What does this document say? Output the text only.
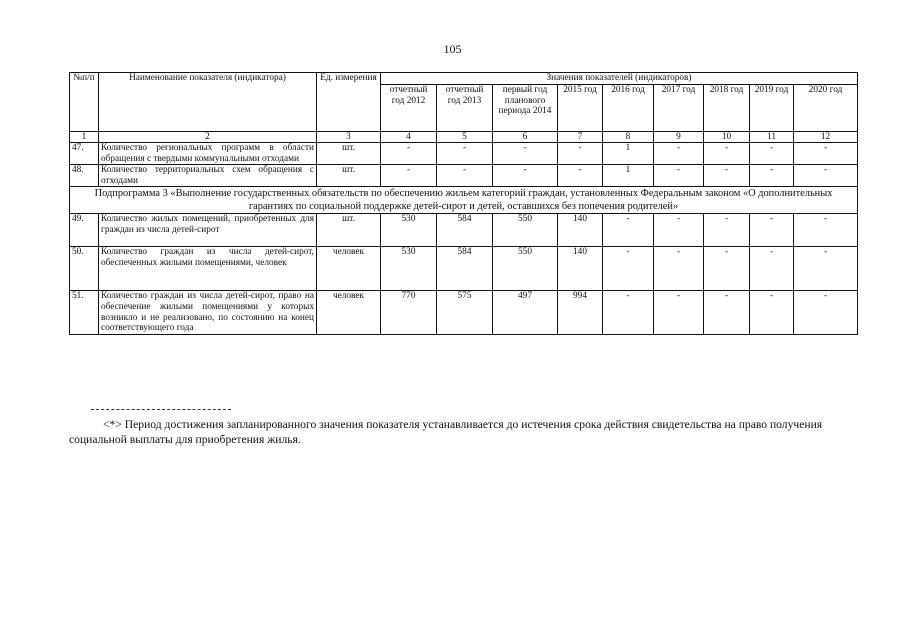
105
№п/п	Наименование показателя (индикатора)	Ед. измерения	Значения показателей (индикаторов)								
			отчетный год 2012	отчетный год 2013	первый год планового периода 2014	2015 год	2016 год	2017 год	2018 год	2019 год	2020 год
1	2	3	4	5	6	7	8	9	10	11	12
47.	Количество региональных программ в области обращения с твердыми коммунальными отходами	шт.	-	-	-	-	1	-	-	-	-
48.	Количество территориальных схем обращения с отходами	шт.	-	-	-	-	1	-	-	-	-
Подпрограмма 3 «Выполнение государственных обязательств по обеспечению жильем категорий граждан, установленных Федеральным законом «О дополнительных гарантиях по социальной поддержке детей-сирот и детей, оставшихся без попечения родителей»											
49.	Количество жилых помещений, приобретенных для граждан из числа детей-сирот	шт.	530	584	550	140	-	-	-	-	-
50.	Количество граждан из числа детей-сирот, обеспеченных жилыми помещениями, человек	человек	530	584	550	140	-	-	-	-	-
51.	Количество граждан из числа детей-сирот, право на обеспечение жилыми помещениями у которых возникло и не реализовано, по состоянию на конец соответствующего года	человек	770	575	497	994	-	-	-	-	-
<*> Период достижения запланированного значения показателя устанавливается до истечения срока действия свидетельства на право получения социальной выплаты для приобретения жилья.
